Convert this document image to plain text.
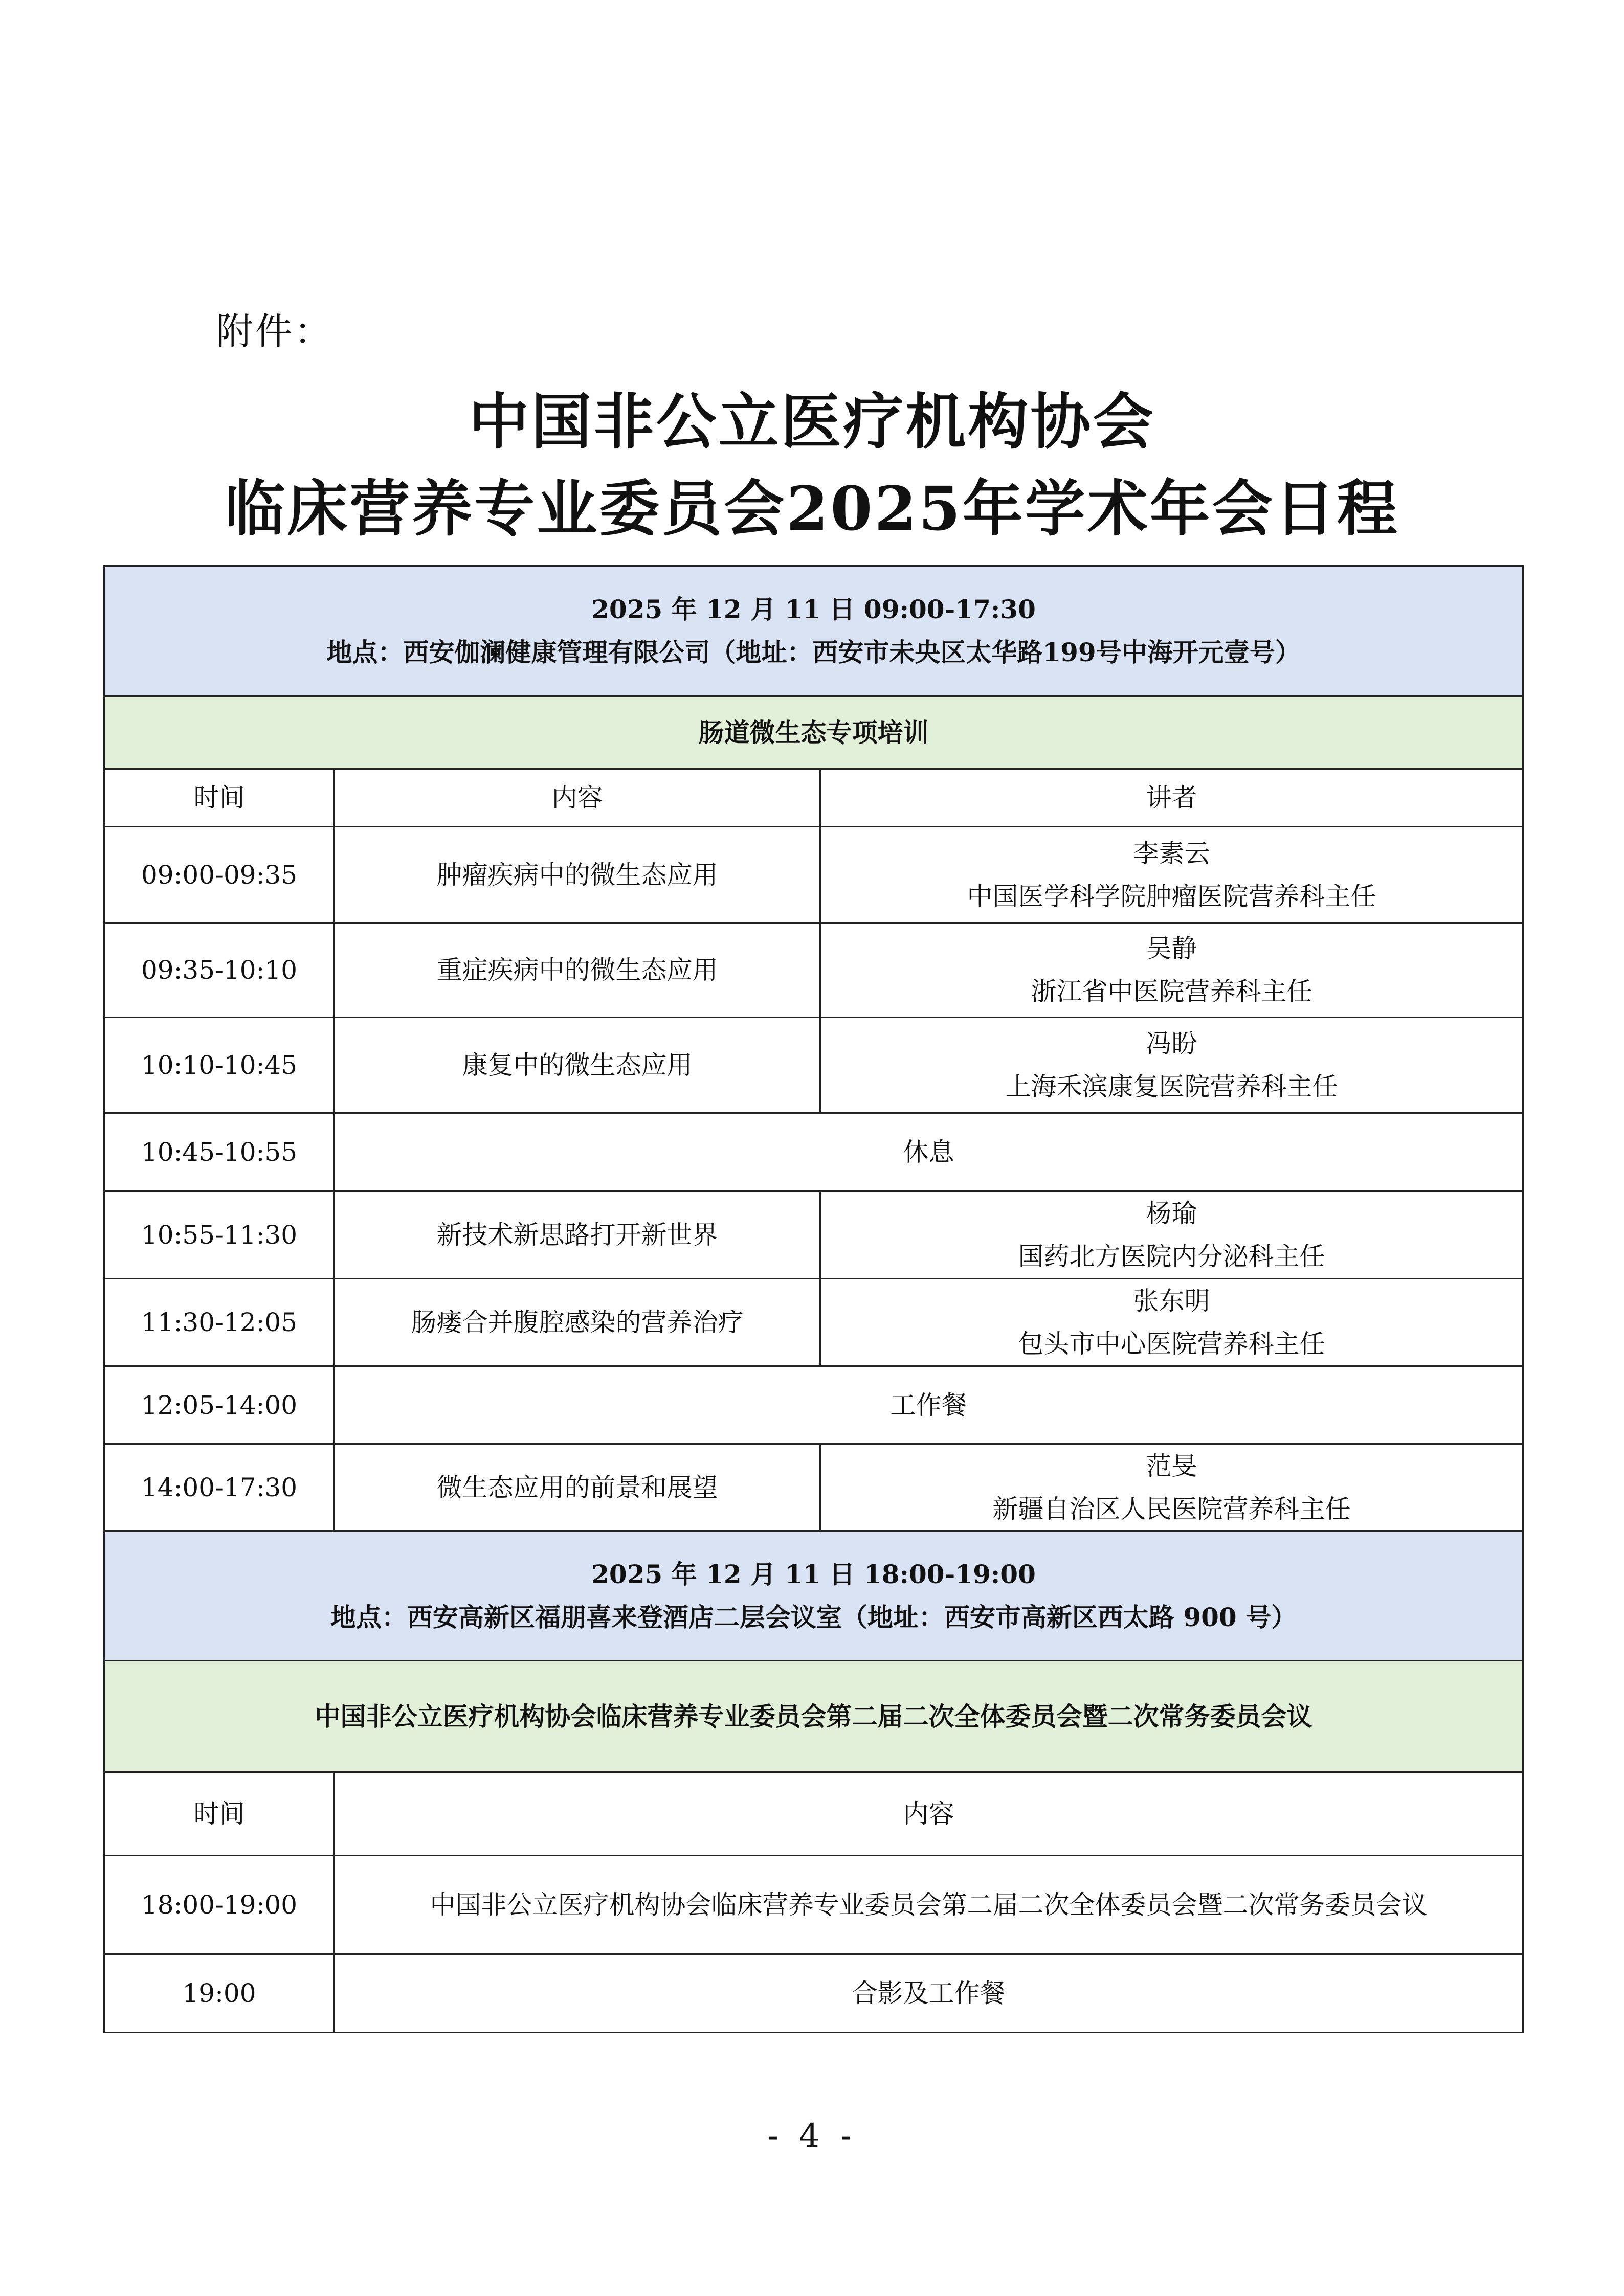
附件：
中国非公立医疗机构协会
临床营养专业委员会2025年学术年会日程
2025 年 12 月 11 日 09:00-17:30
地点：西安伽澜健康管理有限公司（地址：西安市未央区太华路199号中海开元壹号）		

肠道微生态专项培训		
时间	内容	讲者
09:00-09:35	肿瘤疾病中的微生态应用	李素云
中国医学科学院肿瘤医院营养科主任

09:35-10:10	重症疾病中的微生态应用	吴静
浙江省中医院营养科主任

10:10-10:45	康复中的微生态应用	冯盼
上海禾滨康复医院营养科主任

10:45-10:55	休息	
10:55-11:30	新技术新思路打开新世界	杨瑜
国药北方医院内分泌科主任

11:30-12:05	肠瘘合并腹腔感染的营养治疗	张东明
包头市中心医院营养科主任

12:05-14:00	工作餐	
14:00-17:30	微生态应用的前景和展望	范旻
新疆自治区人民医院营养科主任

2025 年 12 月 11 日 18:00-19:00
地点：西安高新区福朋喜来登酒店二层会议室（地址：西安市高新区西太路 900 号）		

中国非公立医疗机构协会临床营养专业委员会第二届二次全体委员会暨二次常务委员会议		
时间	内容	
18:00-19:00	中国非公立医疗机构协会临床营养专业委员会第二届二次全体委员会暨二次常务委员会议	
19:00	合影及工作餐	
- 4 -
